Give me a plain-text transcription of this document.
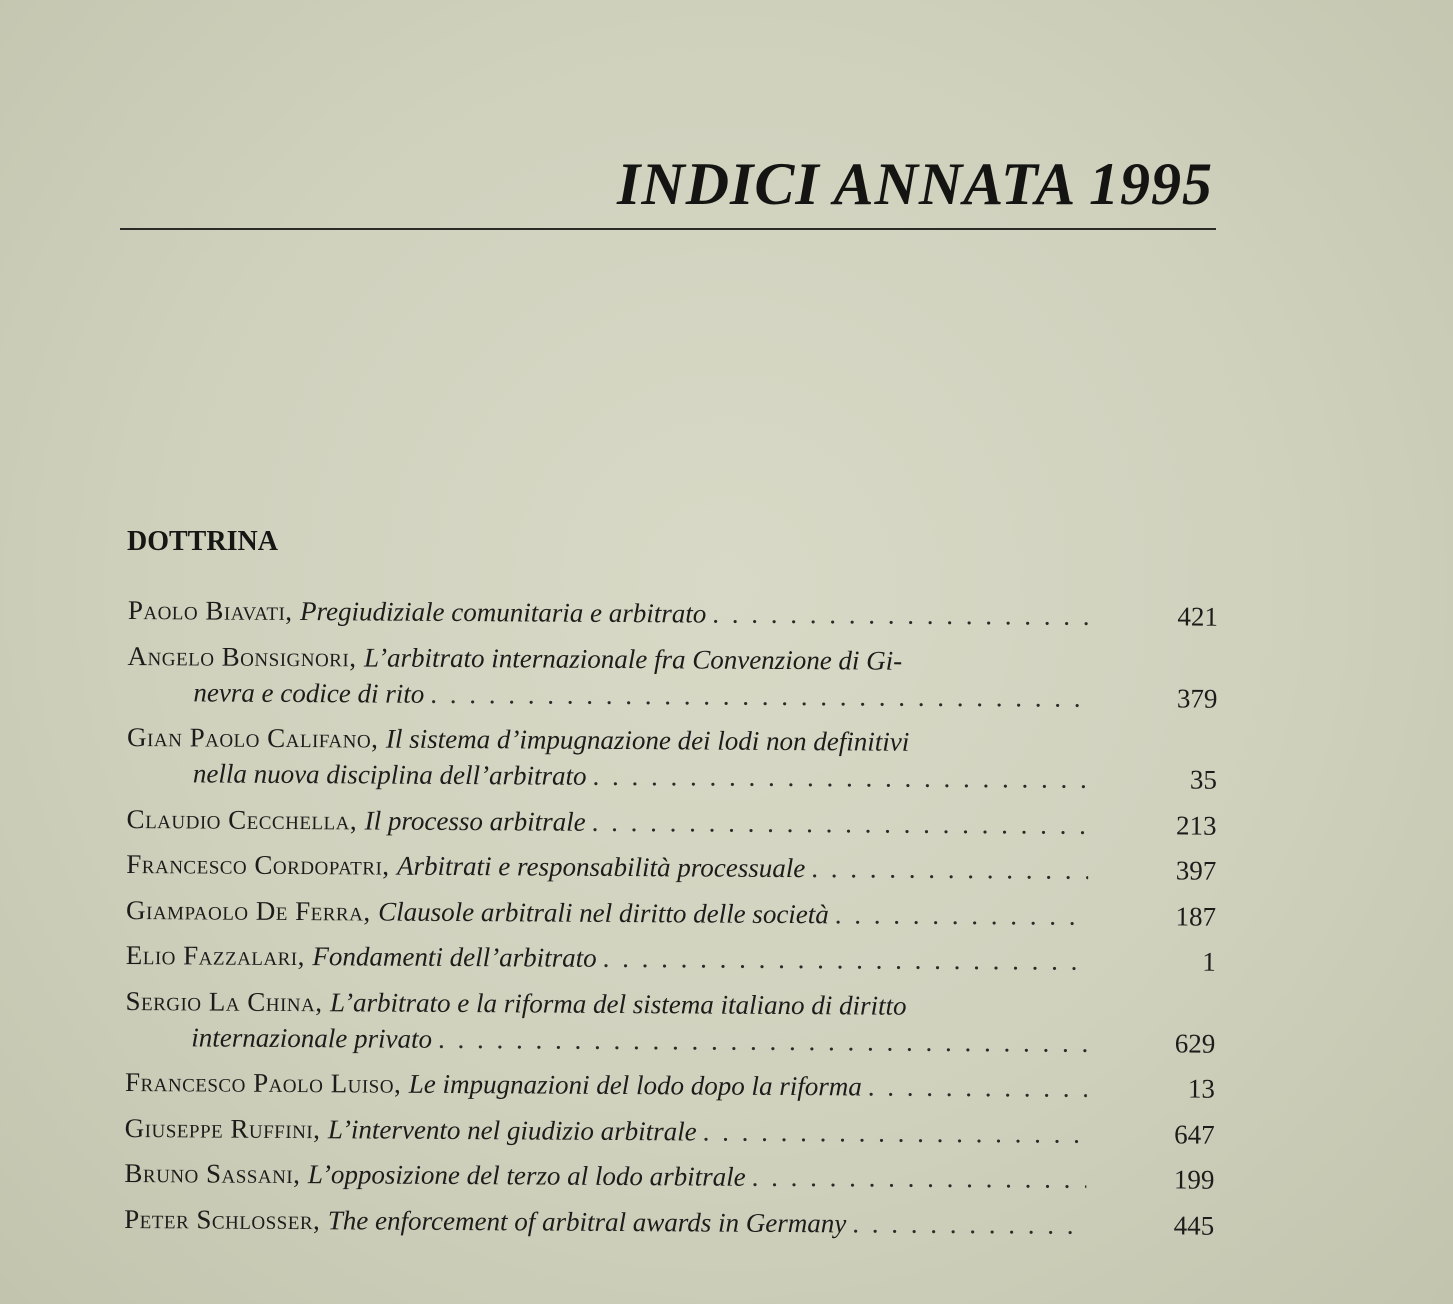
INDICI ANNATA 1995
DOTTRINA
Paolo Biavati , Pregiudiziale comunitaria e arbitrato . . .	421
Angelo Bonsignori , L’arbitrato internazionale fra Convenzione di Gi-
nevra e codice di rito . . .	379
Gian Paolo Califano , Il sistema d’impugnazione dei lodi non definitivi
nella nuova disciplina dell’arbitrato . . .	35
Claudio Cecchella , Il processo arbitrale . . .	213
Francesco Cordopatri , Arbitrati e responsabilità processuale . . .	397
Giampaolo De Ferra , Clausole arbitrali nel diritto delle società . . .	187
Elio Fazzalari , Fondamenti dell’arbitrato . . .	1
Sergio La China , L’arbitrato e la riforma del sistema italiano di diritto
internazionale privato . . .	629
Francesco Paolo Luiso , Le impugnazioni del lodo dopo la riforma . . .	13
Giuseppe Ruffini , L’intervento nel giudizio arbitrale . . .	647
Bruno Sassani , L’opposizione del terzo al lodo arbitrale . . .	199
Peter Schlosser , The enforcement of arbitral awards in Germany . . .	445
